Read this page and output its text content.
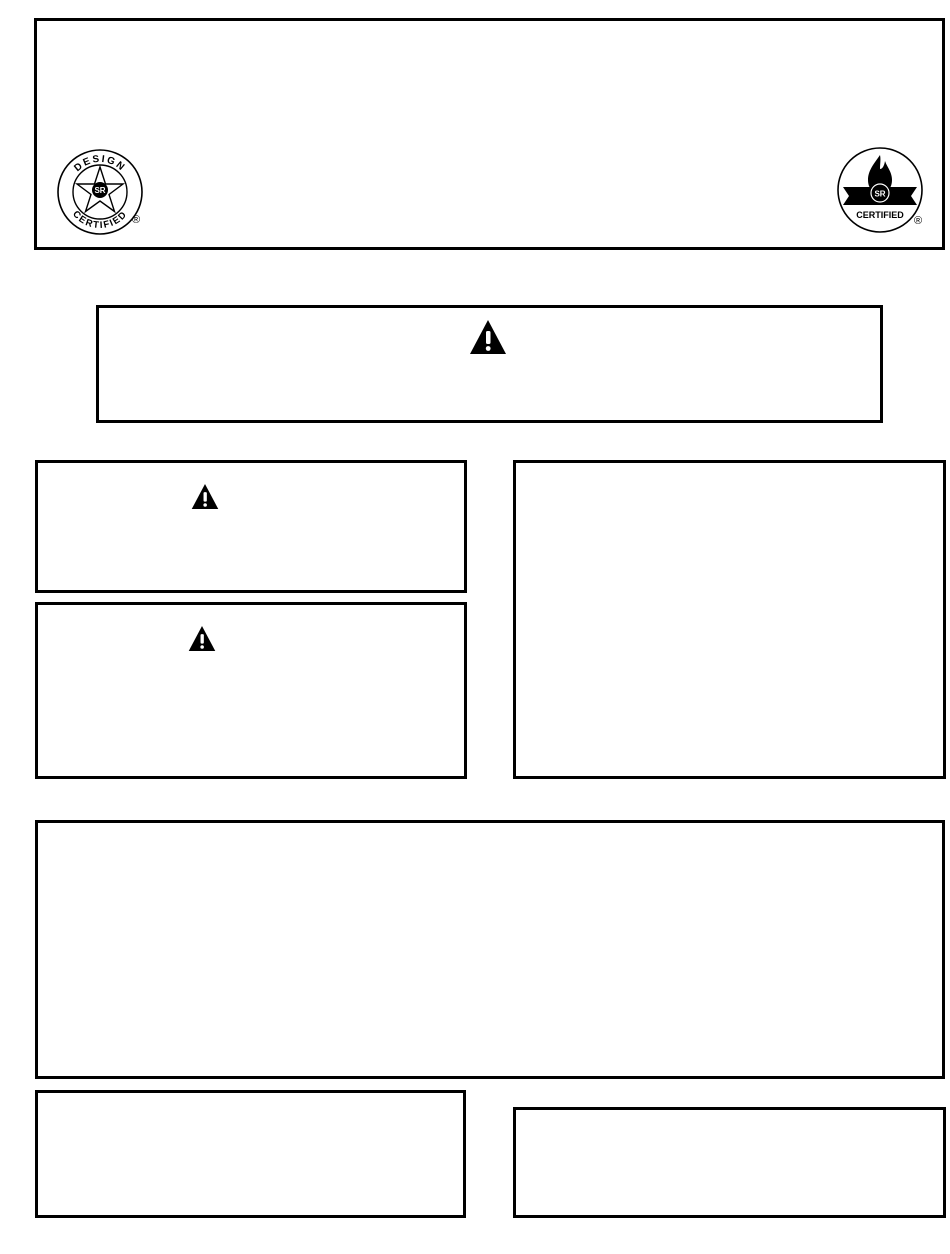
SR
DESIGN
CERTIFIED ®
SR
CERTIFIED ®
